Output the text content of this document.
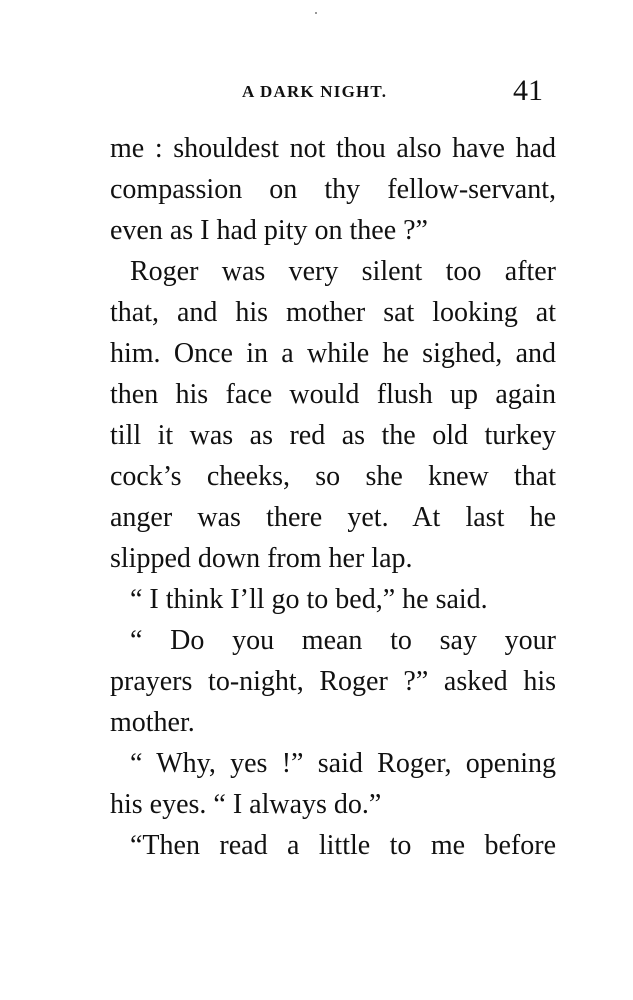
A DARK NIGHT.	41
me : shouldest not thou also have had
compassion on thy fellow-servant,
even as I had pity on thee ?”
Roger was very silent too after
that, and his mother sat looking at
him. Once in a while he sighed, and
then his face would flush up again
till it was as red as the old turkey
cock’s cheeks, so she knew that
anger was there yet. At last he
slipped down from her lap.
“ I think I’ll go to bed,” he said.
“ Do you mean to say your
prayers to-night, Roger ?” asked his
mother.
“ Why, yes !” said Roger, opening
his eyes. “ I always do.”
“Then read a little to me before
